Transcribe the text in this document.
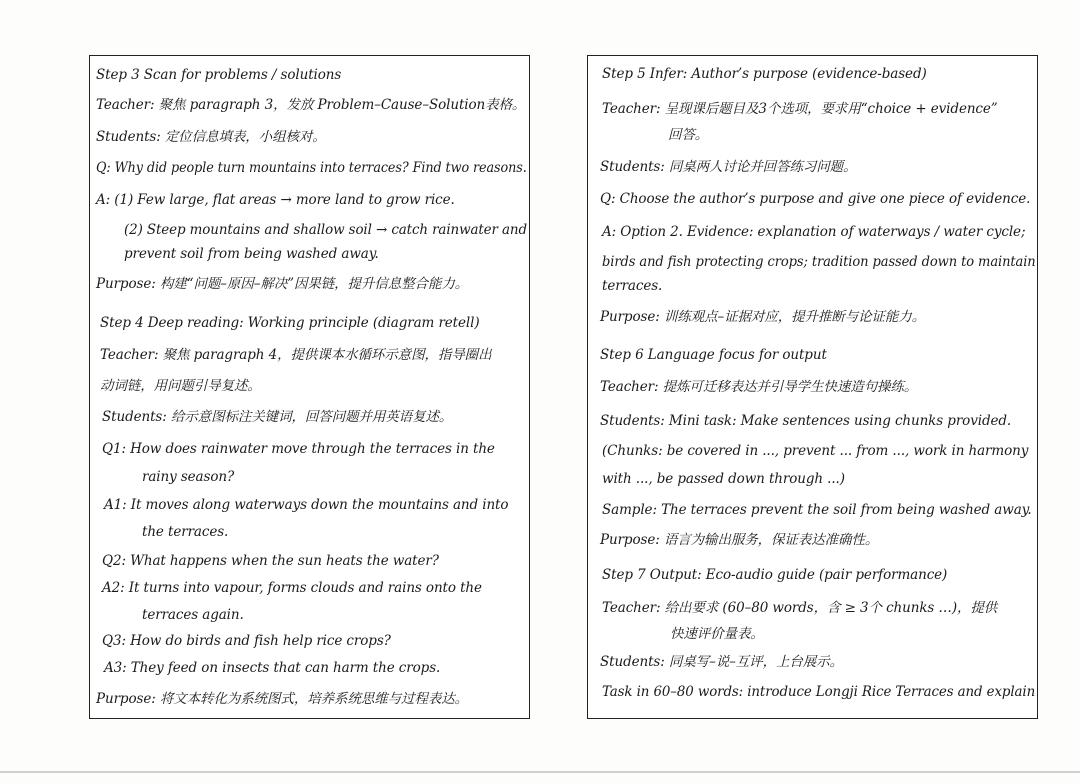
Step 3 Scan for problems / solutions
Teacher: 聚焦 paragraph 3，发放 Problem–Cause–Solution表格。
Students: 定位信息填表，小组核对。
Q: Why did people turn mountains into terraces? Find two reasons.
A: (1) Few large, flat areas → more land to grow rice.
(2) Steep mountains and shallow soil → catch rainwater and
prevent soil from being washed away.
Purpose: 构建“问题–原因–解决”因果链，提升信息整合能力。
Step 4 Deep reading: Working principle (diagram retell)
Teacher: 聚焦 paragraph 4，提供课本水循环示意图，指导圈出
动词链，用问题引导复述。
Students: 给示意图标注关键词，回答问题并用英语复述。
Q1: How does rainwater move through the terraces in the
rainy season?
A1: It moves along waterways down the mountains and into
the terraces.
Q2: What happens when the sun heats the water?
A2: It turns into vapour, forms clouds and rains onto the
terraces again.
Q3: How do birds and fish help rice crops?
A3: They feed on insects that can harm the crops.
Purpose: 将文本转化为系统图式，培养系统思维与过程表达。
Step 5 Infer: Author’s purpose (evidence-based)
Teacher: 呈现课后题目及3个选项，要求用“choice + evidence”
回答。
Students: 同桌两人讨论并回答练习问题。
Q: Choose the author’s purpose and give one piece of evidence.
A: Option 2. Evidence: explanation of waterways / water cycle;
birds and fish protecting crops; tradition passed down to maintain
terraces.
Purpose: 训练观点–证据对应，提升推断与论证能力。
Step 6 Language focus for output
Teacher: 提炼可迁移表达并引导学生快速造句操练。
Students: Mini task: Make sentences using chunks provided.
(Chunks: be covered in ..., prevent ... from ..., work in harmony
with ..., be passed down through ...)
Sample: The terraces prevent the soil from being washed away.
Purpose: 语言为输出服务，保证表达准确性。
Step 7 Output: Eco-audio guide (pair performance)
Teacher: 给出要求 (60–80 words，含 ≥ 3个 chunks …)，提供
快速评价量表。
Students: 同桌写–说–互评，上台展示。
Task in 60–80 words: introduce Longji Rice Terraces and explain
